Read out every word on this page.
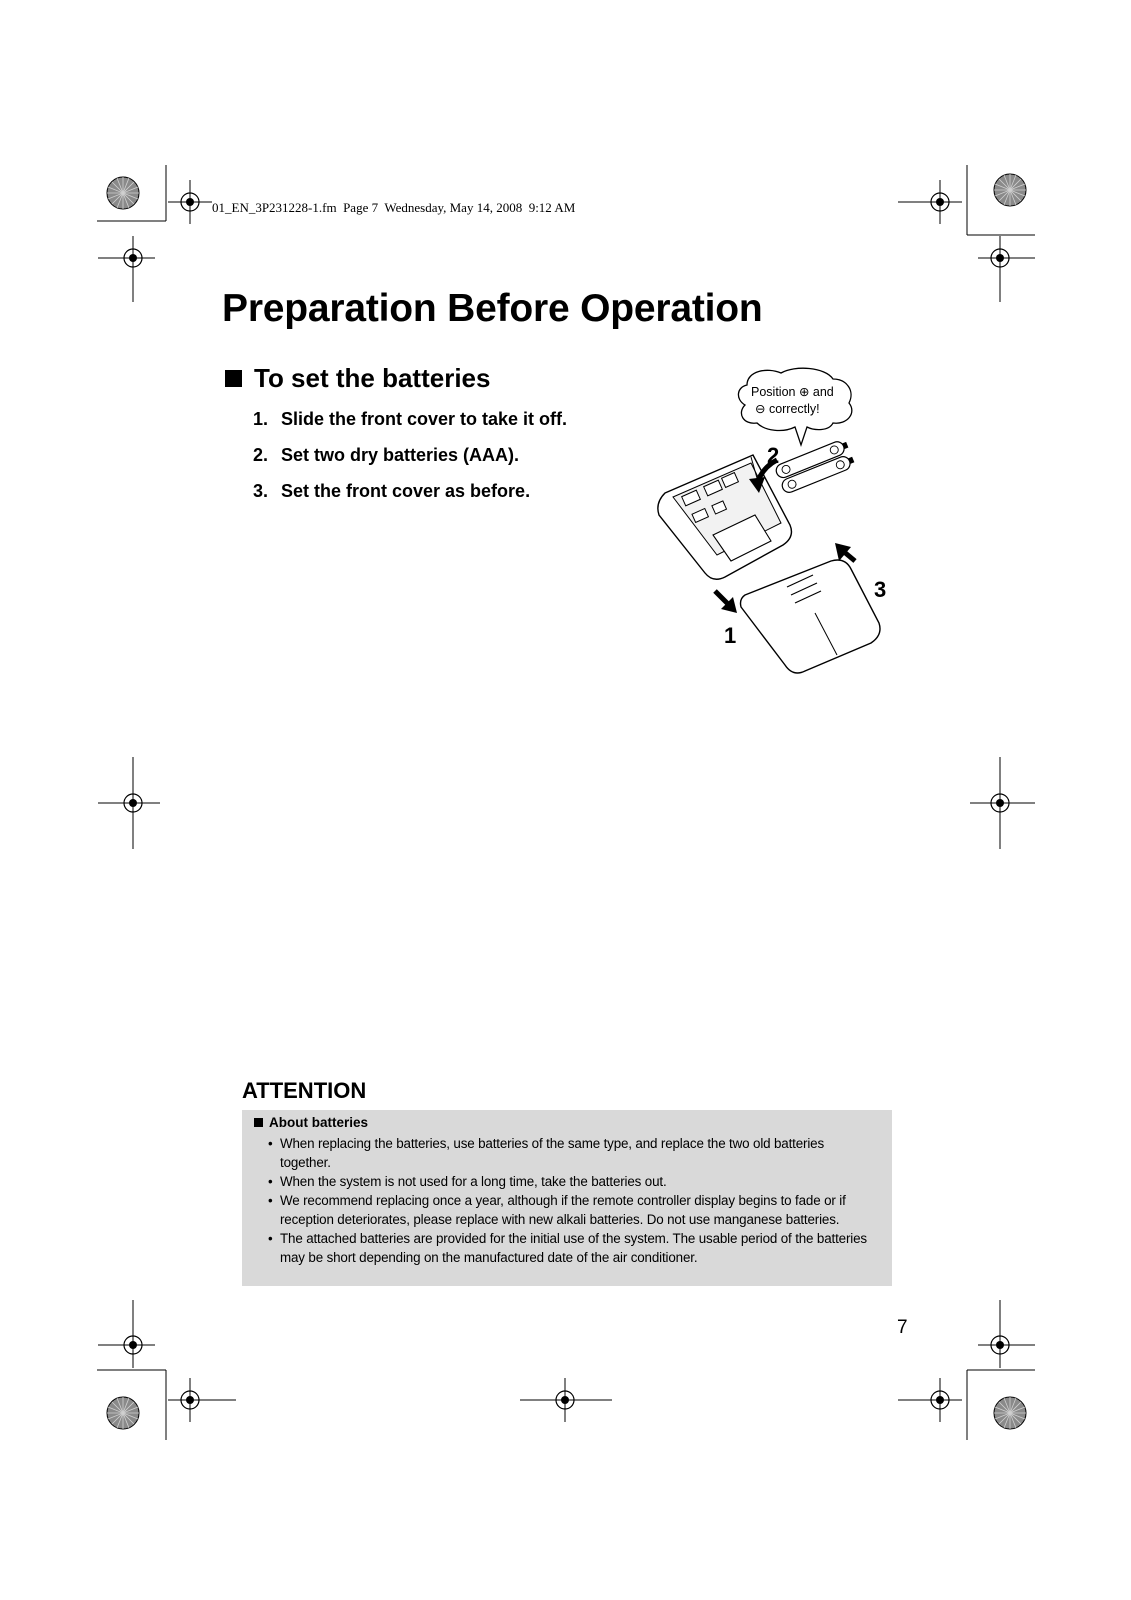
01_EN_3P231228-1.fm  Page 7  Wednesday, May 14, 2008  9:12 AM
Preparation Before Operation
To set the batteries
1. Slide the front cover to take it off.
2. Set two dry batteries (AAA).
3. Set the front cover as before.
Position ⊕ and
⊖ correctly!
1
2
3
ATTENTION
About batteries
• When replacing the batteries, use batteries of the same type, and replace the two old batteries together.
• When the system is not used for a long time, take the batteries out.
• We recommend replacing once a year, although if the remote controller display begins to fade or if reception deteriorates, please replace with new alkali batteries. Do not use manganese batteries.
• The attached batteries are provided for the initial use of the system. The usable period of the batteries may be short depending on the manufactured date of the air conditioner.
7
